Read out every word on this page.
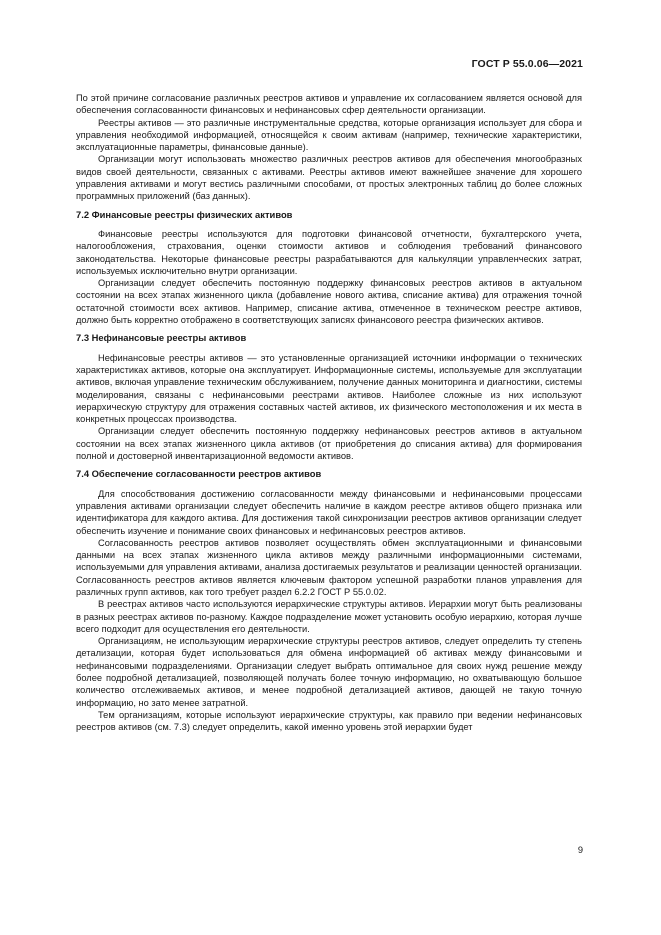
ГОСТ Р 55.0.06—2021

По этой причине согласование различных реестров активов и управление их согласованием является основой для обеспечения согласованности финансовых и нефинансовых сфер деятельности организации.

Реестры активов — это различные инструментальные средства, которые организация использует для сбора и управления необходимой информацией, относящейся к своим активам (например, технические характеристики, эксплуатационные параметры, финансовые данные).

Организации могут использовать множество различных реестров активов для обеспечения многообразных видов своей деятельности, связанных с активами. Реестры активов имеют важнейшее значение для хорошего управления активами и могут вестись различными способами, от простых электронных таблиц до более сложных программных приложений (баз данных).

7.2 Финансовые реестры физических активов

Финансовые реестры используются для подготовки финансовой отчетности, бухгалтерского учета, налогообложения, страхования, оценки стоимости активов и соблюдения требований финансового законодательства. Некоторые финансовые реестры разрабатываются для калькуляции управленческих затрат, используемых исключительно внутри организации.

Организации следует обеспечить постоянную поддержку финансовых реестров активов в актуальном состоянии на всех этапах жизненного цикла (добавление нового актива, списание актива) для отражения точной остаточной стоимости всех активов. Например, списание актива, отмеченное в техническом реестре активов, должно быть корректно отображено в соответствующих записях финансового реестра физических активов.

7.3 Нефинансовые реестры активов

Нефинансовые реестры активов — это установленные организацией источники информации о технических характеристиках активов, которые она эксплуатирует. Информационные системы, используемые для эксплуатации активов, включая управление техническим обслуживанием, получение данных мониторинга и диагностики, системы моделирования, связаны с нефинансовыми реестрами активов. Наиболее сложные из них используют иерархическую структуру для отражения составных частей активов, их физического местоположения и их места в конкретных процессах производства.

Организации следует обеспечить постоянную поддержку нефинансовых реестров активов в актуальном состоянии на всех этапах жизненного цикла активов (от приобретения до списания актива) для формирования полной и достоверной инвентаризационной ведомости активов.

7.4 Обеспечение согласованности реестров активов

Для способствования достижению согласованности между финансовыми и нефинансовыми процессами управления активами организации следует обеспечить наличие в каждом реестре активов общего признака или идентификатора для каждого актива. Для достижения такой синхронизации реестров активов организации следует обеспечить изучение и понимание своих финансовых и нефинансовых реестров активов.

Согласованность реестров активов позволяет осуществлять обмен эксплуатационными и финансовыми данными на всех этапах жизненного цикла активов между различными информационными системами, используемыми для управления активами, анализа достигаемых результатов и реализации ценностей организации. Согласованность реестров активов является ключевым фактором успешной разработки планов управления для различных групп активов, как того требует раздел 6.2.2 ГОСТ Р 55.0.02.

В реестрах активов часто используются иерархические структуры активов. Иерархии могут быть реализованы в разных реестрах активов по-разному. Каждое подразделение может установить особую иерархию, которая лучше всего подходит для осуществления его деятельности.

Организациям, не использующим иерархические структуры реестров активов, следует определить ту степень детализации, которая будет использоваться для обмена информацией об активах между финансовыми и нефинансовыми подразделениями. Организации следует выбрать оптимальное для своих нужд решение между более подробной детализацией, позволяющей получать более точную информацию, но охватывающую большое количество отслеживаемых активов, и менее подробной детализацией активов, дающей не такую точную информацию, но зато менее затратной.

Тем организациям, которые используют иерархические структуры, как правило при ведении нефинансовых реестров активов (см. 7.3) следует определить, какой именно уровень этой иерархии будет

9
